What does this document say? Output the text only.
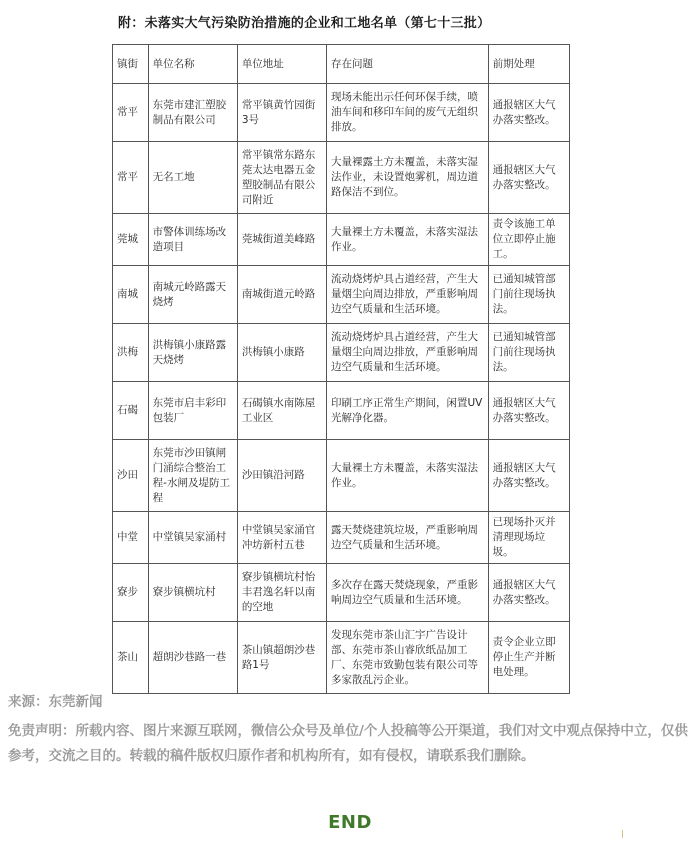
附：未落实大气污染防治措施的企业和工地名单（第七十三批）
镇街	单位名称	单位地址	存在问题	前期处理
常平	东莞市建汇塑胶制品有限公司	常平镇黄竹园街3号	现场未能出示任何环保手续，喷油车间和移印车间的废气无组织排放。	通报辖区大气办落实整改。
常平	无名工地	常平镇常东路东莞太达电器五金塑胶制品有限公司附近	大量裸露土方未覆盖，未落实湿法作业，未设置炮雾机，周边道路保洁不到位。	通报辖区大气办落实整改。
莞城	市警体训练场改造项目	莞城街道美峰路	大量裸土方未覆盖，未落实湿法作业。	责令该施工单位立即停止施工。
南城	南城元岭路露天烧烤	南城街道元岭路	流动烧烤炉具占道经营，产生大量烟尘向周边排放，严重影响周边空气质量和生活环境。	已通知城管部门前往现场执法。
洪梅	洪梅镇小康路露天烧烤	洪梅镇小康路	流动烧烤炉具占道经营，产生大量烟尘向周边排放，严重影响周边空气质量和生活环境。	已通知城管部门前往现场执法。
石碣	东莞市启丰彩印包装厂	石碣镇水南陈屋工业区	印刷工序正常生产期间，闲置UV光解净化器。	通报辖区大气办落实整改。
沙田	东莞市沙田镇闸门涌综合整治工程-水闸及堤防工程	沙田镇沿河路	大量裸土方未覆盖，未落实湿法作业。	通报辖区大气办落实整改。
中堂	中堂镇吴家涌村	中堂镇吴家涌官冲坊新村五巷	露天焚烧建筑垃圾，严重影响周边空气质量和生活环境。	已现场扑灭并清理现场垃圾。
寮步	寮步镇横坑村	寮步镇横坑村怡丰君逸名轩以南的空地	多次存在露天焚烧现象，严重影响周边空气质量和生活环境。	通报辖区大气办落实整改。
茶山	超朗沙巷路一巷	茶山镇超朗沙巷路1号	发现东莞市茶山汇宇广告设计部、东莞市茶山睿欣纸品加工厂、东莞市致勤包装有限公司等多家散乱污企业。	责令企业立即停止生产并断电处理。
来源：东莞新闻
免责声明：所载内容、图片来源互联网，微信公众号及单位/个人投稿等公开渠道，我们对文中观点保持中立，仅供参考，交流之目的。转载的稿件版权归原作者和机构所有，如有侵权，请联系我们删除。
END
